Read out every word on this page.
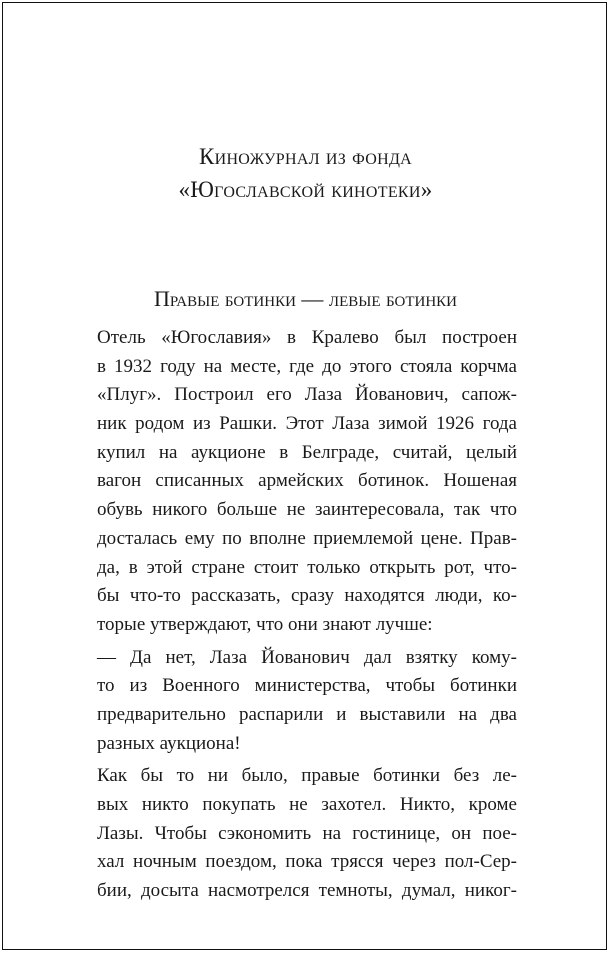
Киножурнал из фонда
«Югославской кинотеки»
Правые ботинки — левые ботинки
Отель «Югославия» в Кралево был построен
в 1932 году на месте, где до этого стояла корчма
«Плуг». Построил его Лаза Йованович, сапож-
ник родом из Рашки. Этот Лаза зимой 1926 года
купил на аукционе в Белграде, считай, целый
вагон списанных армейских ботинок. Ношеная
обувь никого больше не заинтересовала, так что
досталась ему по вполне приемлемой цене. Прав-
да, в этой стране стоит только открыть рот, что-
бы что-то рассказать, сразу находятся люди, ко-
торые утверждают, что они знают лучше:
— Да нет, Лаза Йованович дал взятку кому-
то из Военного министерства, чтобы ботинки
предварительно распарили и выставили на два
разных аукциона!
Как бы то ни было, правые ботинки без ле-
вых никто покупать не захотел. Никто, кроме
Лазы. Чтобы сэкономить на гостинице, он пое-
хал ночным поездом, пока трясся через пол-Сер-
бии, досыта насмотрелся темноты, думал, никог-
